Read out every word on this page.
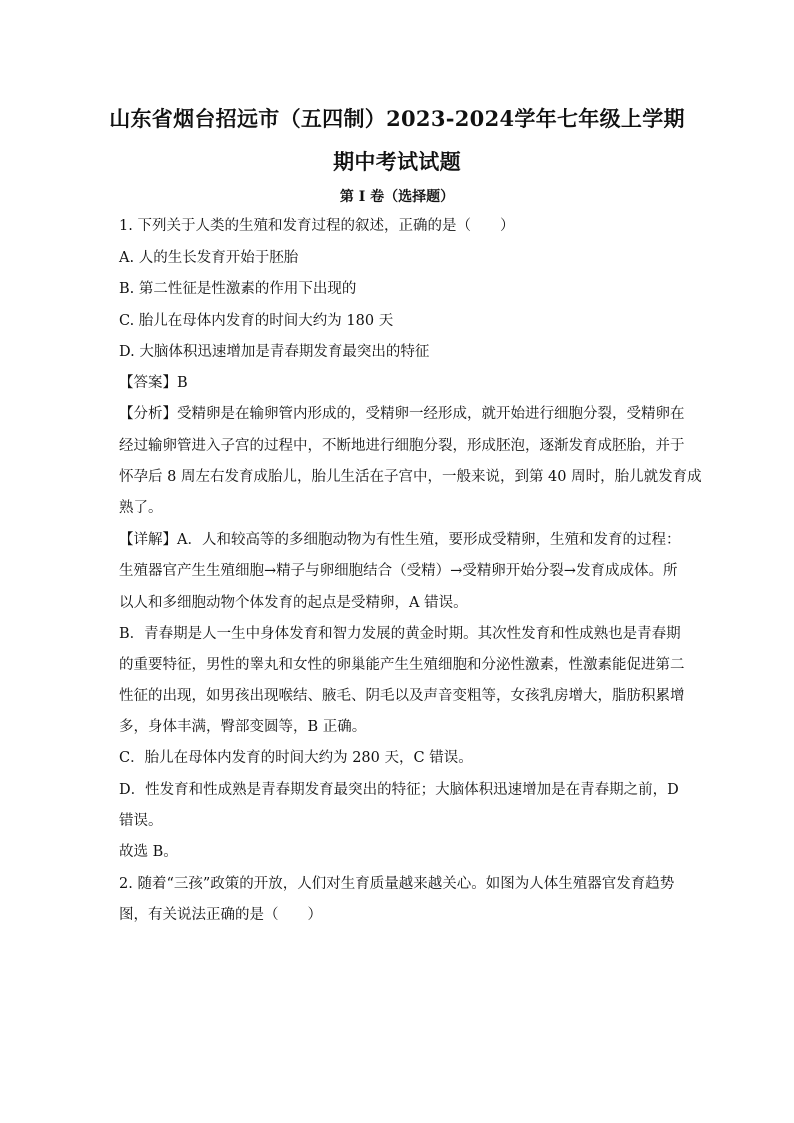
山东省烟台招远市（五四制）2023-2024学年七年级上学期
期中考试试题
第 I 卷（选择题）
1. 下列关于人类的生殖和发育过程的叙述，正确的是（　　）
A. 人的生长发育开始于胚胎
B. 第二性征是性激素的作用下出现的
C. 胎儿在母体内发育的时间大约为 180 天
D. 大脑体积迅速增加是青春期发育最突出的特征
【答案】B
【分析】受精卵是在输卵管内形成的，受精卵一经形成，就开始进行细胞分裂，受精卵在
经过输卵管进入子宫的过程中，不断地进行细胞分裂，形成胚泡，逐渐发育成胚胎，并于
怀孕后 8 周左右发育成胎儿，胎儿生活在子宫中，一般来说，到第 40 周时，胎儿就发育成
熟了。
【详解】A．人和较高等的多细胞动物为有性生殖，要形成受精卵，生殖和发育的过程：
生殖器官产生生殖细胞→精子与卵细胞结合（受精）→受精卵开始分裂→发育成成体。所
以人和多细胞动物个体发育的起点是受精卵，A 错误。
B．青春期是人一生中身体发育和智力发展的黄金时期。其次性发育和性成熟也是青春期
的重要特征，男性的睾丸和女性的卵巢能产生生殖细胞和分泌性激素，性激素能促进第二
性征的出现，如男孩出现喉结、腋毛、阴毛以及声音变粗等，女孩乳房增大，脂肪积累增
多，身体丰满，臀部变圆等，B 正确。
C．胎儿在母体内发育的时间大约为 280 天，C 错误。
D．性发育和性成熟是青春期发育最突出的特征；大脑体积迅速增加是在青春期之前，D
错误。
故选 B。
2. 随着“三孩”政策的开放，人们对生育质量越来越关心。如图为人体生殖器官发育趋势
图，有关说法正确的是（　　）
